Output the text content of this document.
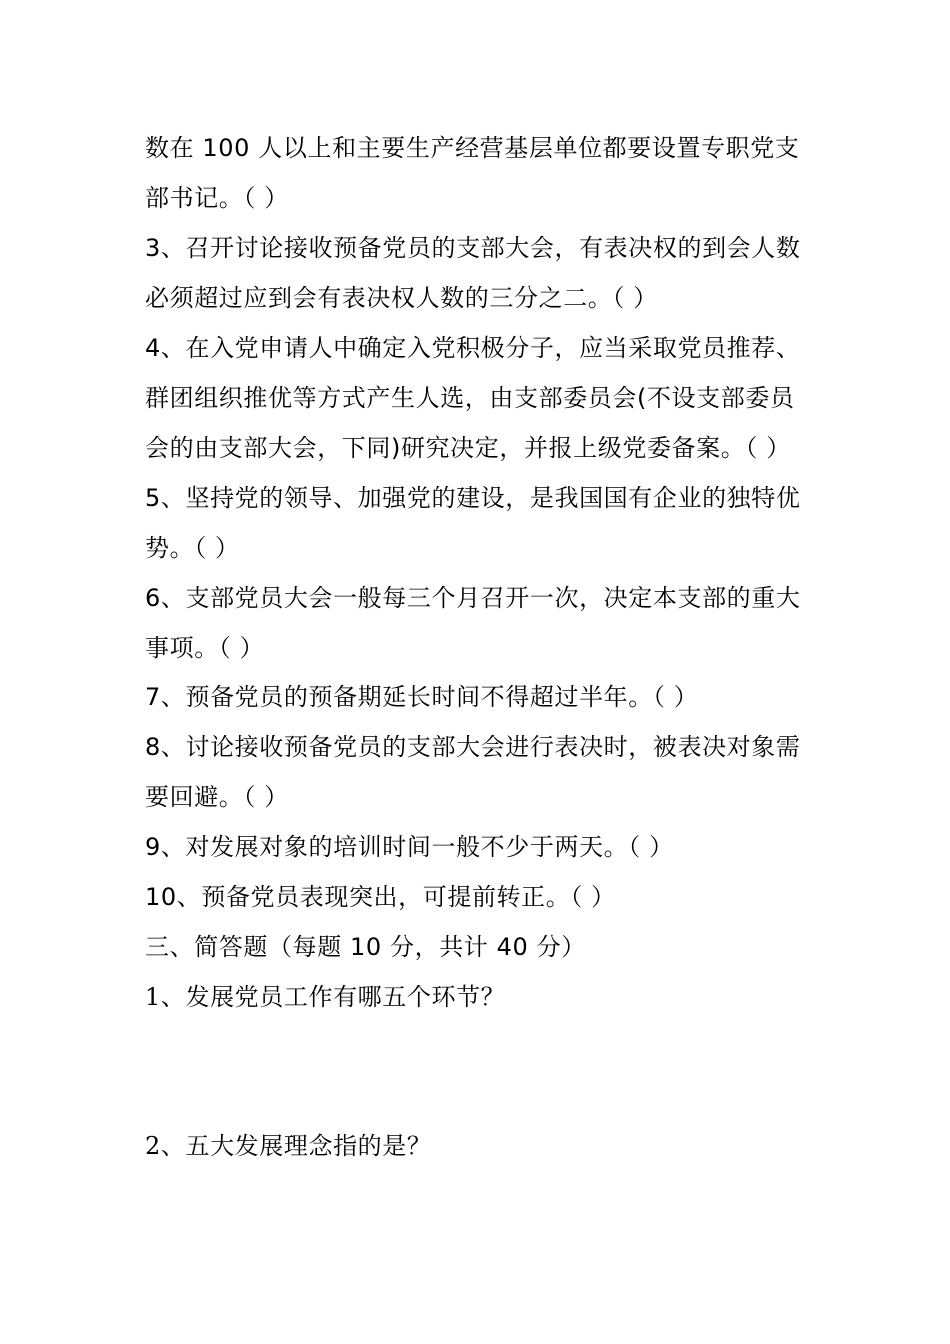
数在 100 人以上和主要生产经营基层单位都要设置专职党支
部书记。（ ）
3、召开讨论接收预备党员的支部大会，有表决权的到会人数
必须超过应到会有表决权人数的三分之二。（ ）
4、在入党申请人中确定入党积极分子，应当采取党员推荐、
群团组织推优等方式产生人选，由支部委员会(不设支部委员
会的由支部大会，下同)研究决定，并报上级党委备案。（ ）
5、坚持党的领导、加强党的建设，是我国国有企业的独特优
势。（ ）
6、支部党员大会一般每三个月召开一次，决定本支部的重大
事项。（ ）
7、预备党员的预备期延长时间不得超过半年。（ ）
8、讨论接收预备党员的支部大会进行表决时，被表决对象需
要回避。（ ）
9、对发展对象的培训时间一般不少于两天。（ ）
10、预备党员表现突出，可提前转正。（ ）
三、简答题（每题 10 分，共计 40 分）
1、发展党员工作有哪五个环节？
2、五大发展理念指的是？
